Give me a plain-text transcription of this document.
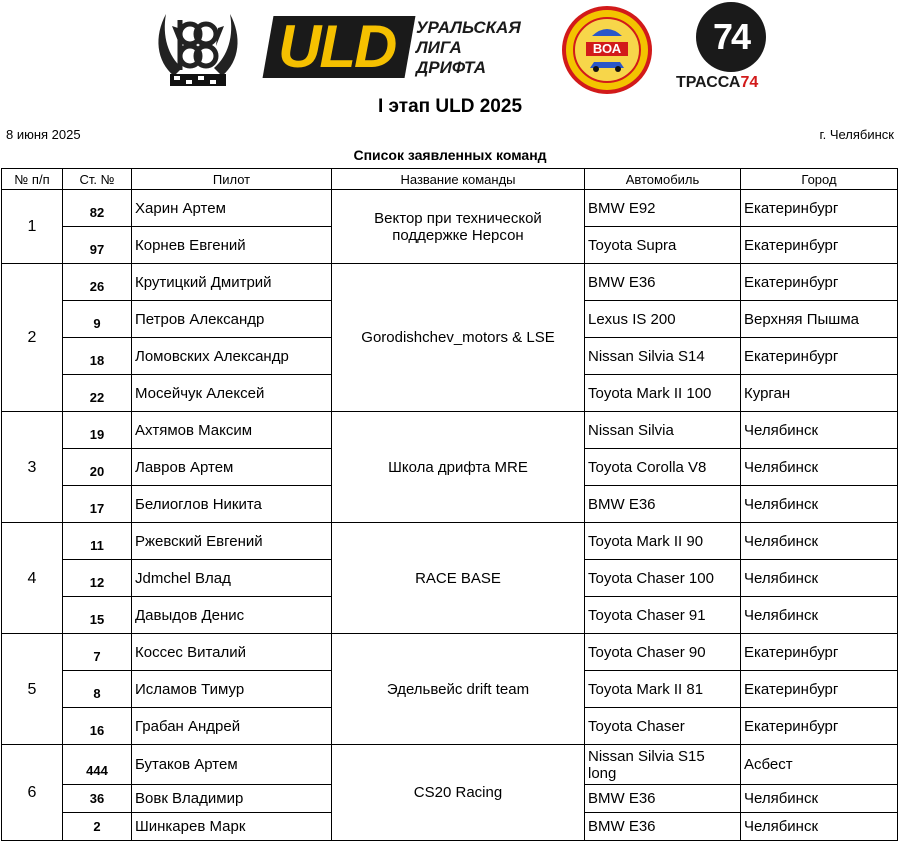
ULD УРАЛЬСКАЯ
ЛИГА
ДРИФТА
ВОА	74
ТРАССА74
I этап ULD 2025
8 июня 2025	г. Челябинск
Список заявленных команд
№ п/п	Ст. №	Пилот	Название команды	Автомобиль	Город
1	82	Харин Артем	Вектор при технической поддержке Нерсон	BMW E92	Екатеринбург
	97	Корнев Евгений		Toyota Supra	Екатеринбург
2	26	Крутицкий Дмитрий	Gorodishchev_motors & LSE	BMW E36	Екатеринбург
	9	Петров Александр		Lexus IS 200	Верхняя Пышма
	18	Ломовских Александр		Nissan Silvia S14	Екатеринбург
	22	Мосейчук Алексей		Toyota Mark II 100	Курган
3	19	Ахтямов Максим	Школа дрифта MRE	Nissan Silvia	Челябинск
	20	Лавров Артем		Toyota Corolla V8	Челябинск
	17	Белиоглов Никита		BMW E36	Челябинск
4	11	Ржевский Евгений	RACE BASE	Toyota Mark II 90	Челябинск
	12	Jdmchel Влад		Toyota Chaser 100	Челябинск
	15	Давыдов Денис		Toyota Chaser 91	Челябинск
5	7	Коссес Виталий	Эдельвейс drift team	Toyota Chaser 90	Екатеринбург
	8	Исламов Тимур		Toyota Mark II 81	Екатеринбург
	16	Грабан Андрей		Toyota Chaser	Екатеринбург
6	444	Бутаков Артем	CS20 Racing	Nissan Silvia S15 long	Асбест
	36	Вовк Владимир		BMW E36	Челябинск
	2	Шинкарев Марк		BMW E36	Челябинск
